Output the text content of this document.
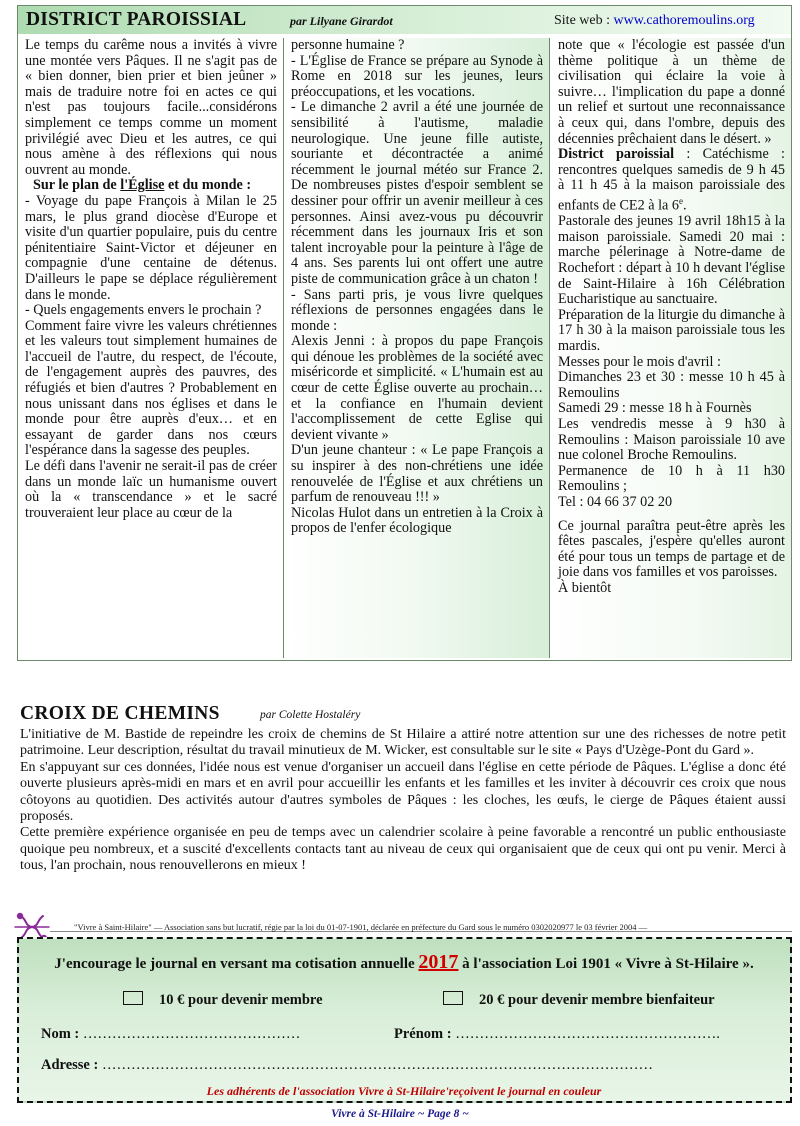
DISTRICT PAROISSIAL	par Lilyane Girardot	Site web : www.cathoremoulins.org

Le temps du carême nous a invités à vivre une montée vers Pâques. Il ne s'agit pas de « bien donner, bien prier et bien jeûner » mais de traduire notre foi en actes ce qui n'est pas toujours facile...considérons simplement ce temps comme un moment privilégié avec Dieu et les autres, ce qui nous amène à des réflexions qui nous ouvrent au monde.

Sur le plan de l'Église et du monde :

- Voyage du pape François à Milan le 25 mars, le plus grand diocèse d'Europe et visite d'un quartier populaire, puis du centre pénitentiaire Saint-Victor et déjeuner en compagnie d'une centaine de détenus. D'ailleurs le pape se déplace régulièrement dans le monde.

- Quels engagements envers le prochain ?

Comment faire vivre les valeurs chrétiennes et les valeurs tout simplement humaines de l'accueil de l'autre, du respect, de l'écoute, de l'engagement auprès des pauvres, des réfugiés et bien d'autres ? Probablement en nous unissant dans nos églises et dans le monde pour être auprès d'eux… et en essayant de garder dans nos cœurs l'espérance dans la sagesse des peuples.

Le défi dans l'avenir ne serait-il pas de créer dans un monde laïc un humanisme ouvert où la « transcendance » et le sacré trouveraient leur place au cœur de la

personne humaine ?

- L'Église de France se prépare au Synode à Rome en 2018 sur les jeunes, leurs préoccupations, et les vocations.

- Le dimanche 2 avril a été une journée de sensibilité à l'autisme, maladie neurologique. Une jeune fille autiste, souriante et décontractée a animé récemment le journal météo sur France 2. De nombreuses pistes d'espoir semblent se dessiner pour offrir un avenir meilleur à ces personnes. Ainsi avez-vous pu découvrir récemment dans les journaux Iris et son talent incroyable pour la peinture à l'âge de 4 ans. Ses parents lui ont offert une autre piste de communication grâce à un chaton !

- Sans parti pris, je vous livre quelques réflexions de personnes engagées dans le monde :

Alexis Jenni : à propos du pape François qui dénoue les problèmes de la société avec miséricorde et simplicité. « L'humain est au cœur de cette Église ouverte au prochain… et la confiance en l'humain devient l'accomplissement de cette Eglise qui devient vivante »

D'un jeune chanteur : « Le pape François a su inspirer à des non-chrétiens une idée renouvelée de l'Église et aux chrétiens un parfum de renouveau !!! »

Nicolas Hulot dans un entretien à la Croix à propos de l'enfer écologique

note que « l'écologie est passée d'un thème politique à un thème de civilisation qui éclaire la voie à suivre… l'implication du pape a donné un relief et surtout une reconnaissance à ceux qui, dans l'ombre, depuis des décennies prêchaient dans le désert. »

District paroissial : Catéchisme : rencontres quelques samedis de 9 h 45 à 11 h 45 à la maison paroissiale des enfants de CE2 à la 6e.

Pastorale des jeunes 19 avril 18h15 à la maison paroissiale. Samedi 20 mai : marche pélerinage à Notre-dame de Rochefort : départ à 10 h devant l'église de Saint-Hilaire à 16h Célébration Eucharistique au sanctuaire.

Préparation de la liturgie du dimanche à 17 h 30 à la maison paroissiale tous les mardis.

Messes pour le mois d'avril :

Dimanches 23 et 30 : messe 10 h 45 à Remoulins

Samedi 29 : messe 18 h à Fournès

Les vendredis messe à 9 h30 à Remoulins : Maison paroissiale 10 ave nue colonel Broche Remoulins.

Permanence de 10 h à 11 h30 Remoulins ;

Tel : 04 66 37 02 20

Ce journal paraîtra peut-être après les fêtes pascales, j'espère qu'elles auront été pour tous un temps de partage et de joie dans vos familles et vos paroisses.

À bientôt

CROIX DE CHEMINS	par Colette Hostaléry

L'initiative de M. Bastide de repeindre les croix de chemins de St Hilaire a attiré notre attention sur une des richesses de notre petit patrimoine. Leur description, résultat du travail minutieux de M. Wicker, est consultable sur le site « Pays d'Uzège-Pont du Gard ».

En s'appuyant sur ces données, l'idée nous est venue d'organiser un accueil dans l'église en cette période de Pâques. L'église a donc été ouverte plusieurs après-midi en mars et en avril pour accueillir les enfants et les familles et les inviter à découvrir ces croix que nous côtoyons au quotidien. Des activités autour d'autres symboles de Pâques : les cloches, les œufs, le cierge de Pâques étaient aussi proposés.

Cette première expérience organisée en peu de temps avec un calendrier scolaire à peine favorable a rencontré un public enthousiaste quoique peu nombreux, et a suscité d'excellents contacts tant au niveau de ceux qui organisaient que de ceux qui ont pu venir. Merci à tous, l'an prochain, nous renouvellerons en mieux !

"Vivre à Saint-Hilaire" — Association sans but lucratif, régie par la loi du 01-07-1901, déclarée en préfecture du Gard sous le numéro 0302020977 le 03 février 2004 —
J'encourage le journal en versant ma cotisation annuelle 2017 à l'association Loi 1901 « Vivre à St-Hilaire ».
10 € pour devenir membre	20 € pour devenir membre bienfaiteur
Nom : ………………………………………	Prénom : ……………………………………………….
Adresse : ……………………………………………………………………………………………………
Les adhérents de l'association Vivre à St-Hilaire'reçoivent le journal en couleur
Vivre à St-Hilaire ~ Page 8 ~
